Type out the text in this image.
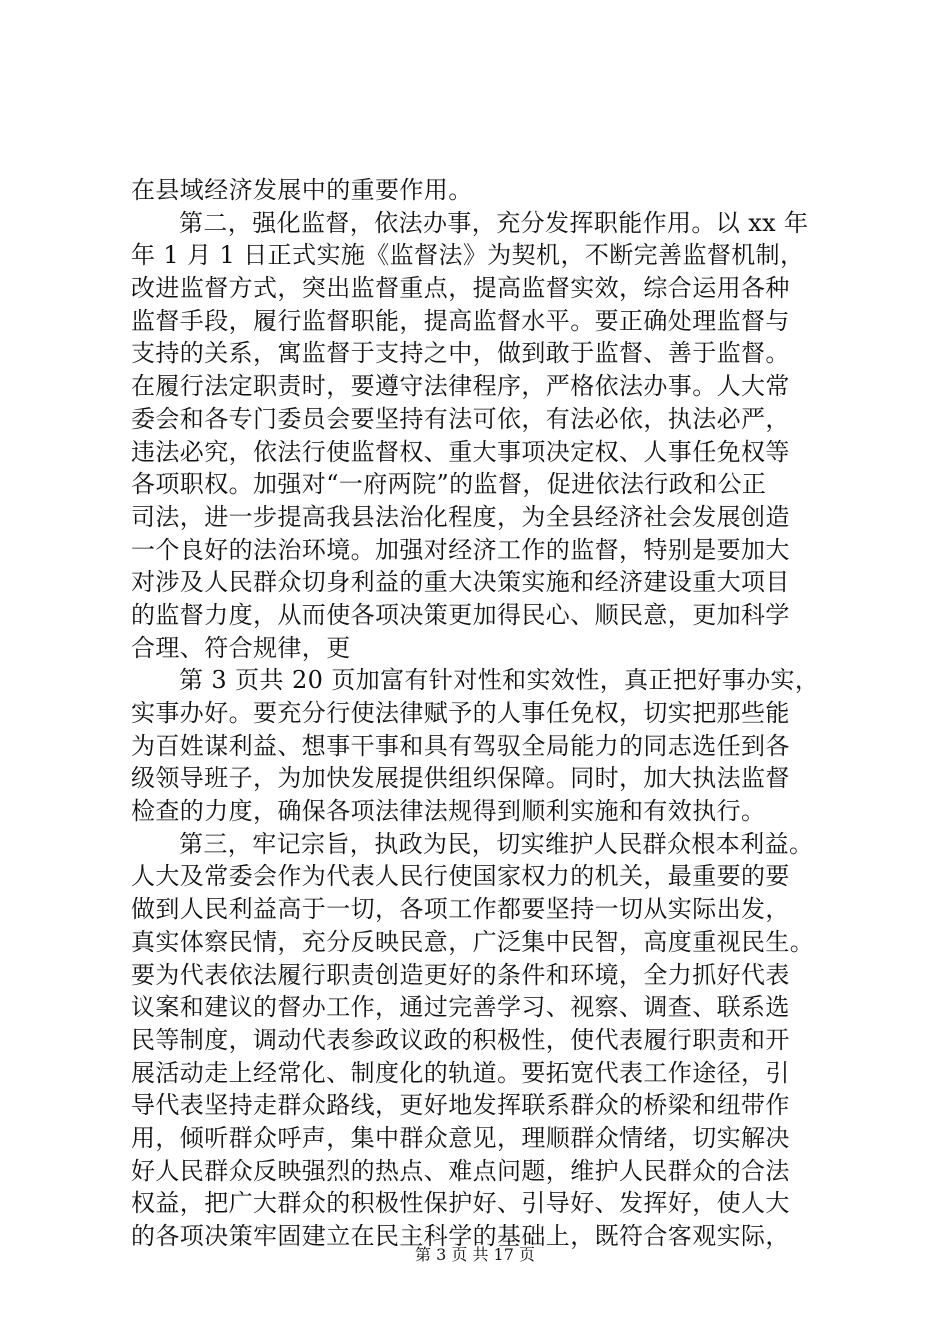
在县域经济发展中的重要作用。
第二，强化监督，依法办事，充分发挥职能作用。以 xx 年
年 1 月 1 日正式实施《监督法》为契机，不断完善监督机制，
改进监督方式，突出监督重点，提高监督实效，综合运用各种
监督手段，履行监督职能，提高监督水平。要正确处理监督与
支持的关系，寓监督于支持之中，做到敢于监督、善于监督。
在履行法定职责时，要遵守法律程序，严格依法办事。人大常
委会和各专门委员会要坚持有法可依，有法必依，执法必严，
违法必究，依法行使监督权、重大事项决定权、人事任免权等
各项职权。加强对“一府两院”的监督，促进依法行政和公正
司法，进一步提高我县法治化程度，为全县经济社会发展创造
一个良好的法治环境。加强对经济工作的监督，特别是要加大
对涉及人民群众切身利益的重大决策实施和经济建设重大项目
的监督力度，从而使各项决策更加得民心、顺民意，更加科学
合理、符合规律，更
第 3 页共 20 页加富有针对性和实效性，真正把好事办实，
实事办好。要充分行使法律赋予的人事任免权，切实把那些能
为百姓谋利益、想事干事和具有驾驭全局能力的同志选任到各
级领导班子，为加快发展提供组织保障。同时，加大执法监督
检查的力度，确保各项法律法规得到顺利实施和有效执行。
第三，牢记宗旨，执政为民，切实维护人民群众根本利益。
人大及常委会作为代表人民行使国家权力的机关，最重要的要
做到人民利益高于一切，各项工作都要坚持一切从实际出发，
真实体察民情，充分反映民意，广泛集中民智，高度重视民生。
要为代表依法履行职责创造更好的条件和环境，全力抓好代表
议案和建议的督办工作，通过完善学习、视察、调查、联系选
民等制度，调动代表参政议政的积极性，使代表履行职责和开
展活动走上经常化、制度化的轨道。要拓宽代表工作途径，引
导代表坚持走群众路线，更好地发挥联系群众的桥梁和纽带作
用，倾听群众呼声，集中群众意见，理顺群众情绪，切实解决
好人民群众反映强烈的热点、难点问题，维护人民群众的合法
权益，把广大群众的积极性保护好、引导好、发挥好，使人大
的各项决策牢固建立在民主科学的基础上，既符合客观实际，
第 3 页 共 17 页
